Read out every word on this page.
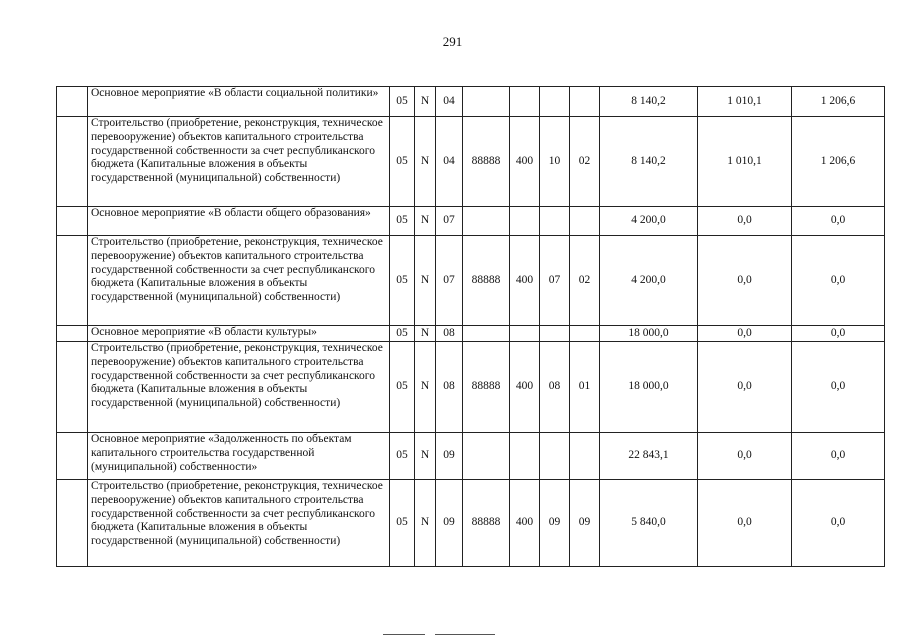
291
	Основное мероприятие «В области социальной политики»	05	N	04					8 140,2	1 010,1	1 206,6
	Строительство (приобретение, реконструкция, техническое перевооружение) объектов капитального строительства государственной собственности за счет республиканского бюджета (Капитальные вложения в объекты государственной (муниципальной) собственности)	05	N	04	88888	400	10	02	8 140,2	1 010,1	1 206,6
	Основное мероприятие «В области общего образования»	05	N	07					4 200,0	0,0	0,0
	Строительство (приобретение, реконструкция, техническое перевооружение) объектов капитального строительства государственной собственности за счет республиканского бюджета (Капитальные вложения в объекты государственной (муниципальной) собственности)	05	N	07	88888	400	07	02	4 200,0	0,0	0,0
	Основное мероприятие «В области культуры»	05	N	08					18 000,0	0,0	0,0
	Строительство (приобретение, реконструкция, техническое перевооружение) объектов капитального строительства государственной собственности за счет республиканского бюджета (Капитальные вложения в объекты государственной (муниципальной) собственности)	05	N	08	88888	400	08	01	18 000,0	0,0	0,0
	Основное мероприятие «Задолженность по объектам капитального строительства государственной (муниципальной) собственности»	05	N	09					22 843,1	0,0	0,0
	Строительство (приобретение, реконструкция, техническое перевооружение) объектов капитального строительства государственной собственности за счет республиканского бюджета (Капитальные вложения в объекты государственной (муниципальной) собственности)	05	N	09	88888	400	09	09	5 840,0	0,0	0,0
